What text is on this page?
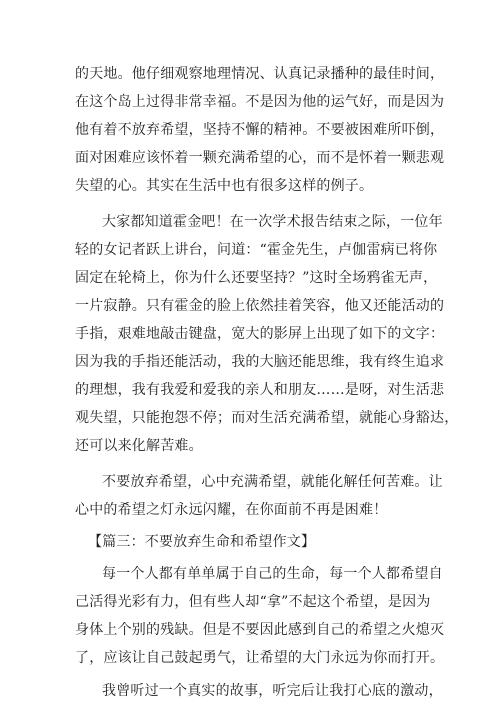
的天地。他仔细观察地理情况、认真记录播种的最佳时间，
在这个岛上过得非常幸福。不是因为他的运气好，而是因为
他有着不放弃希望，坚持不懈的精神。不要被困难所吓倒，
面对困难应该怀着一颗充满希望的心，而不是怀着一颗悲观
失望的心。其实在生活中也有很多这样的例子。
大家都知道霍金吧！在一次学术报告结束之际，一位年
轻的女记者跃上讲台，问道：“霍金先生，卢伽雷病已将你
固定在轮椅上，你为什么还要坚持？”这时全场鸦雀无声，
一片寂静。只有霍金的脸上依然挂着笑容，他又还能活动的
手指，艰难地敲击键盘，宽大的影屏上出现了如下的文字：
因为我的手指还能活动，我的大脑还能思维，我有终生追求
的理想，我有我爱和爱我的亲人和朋友……是呀，对生活悲
观失望，只能抱怨不停；而对生活充满希望，就能心身豁达，
还可以来化解苦难。
不要放弃希望，心中充满希望，就能化解任何苦难。让
心中的希望之灯永远闪耀，在你面前不再是困难！
【篇三：不要放弃生命和希望作文】
每一个人都有单单属于自己的生命，每一个人都希望自
己活得光彩有力，但有些人却“拿”不起这个希望，是因为
身体上个别的残缺。但是不要因此感到自己的希望之火熄灭
了，应该让自己鼓起勇气，让希望的大门永远为你而打开。
我曾听过一个真实的故事，听完后让我打心底的激动，
